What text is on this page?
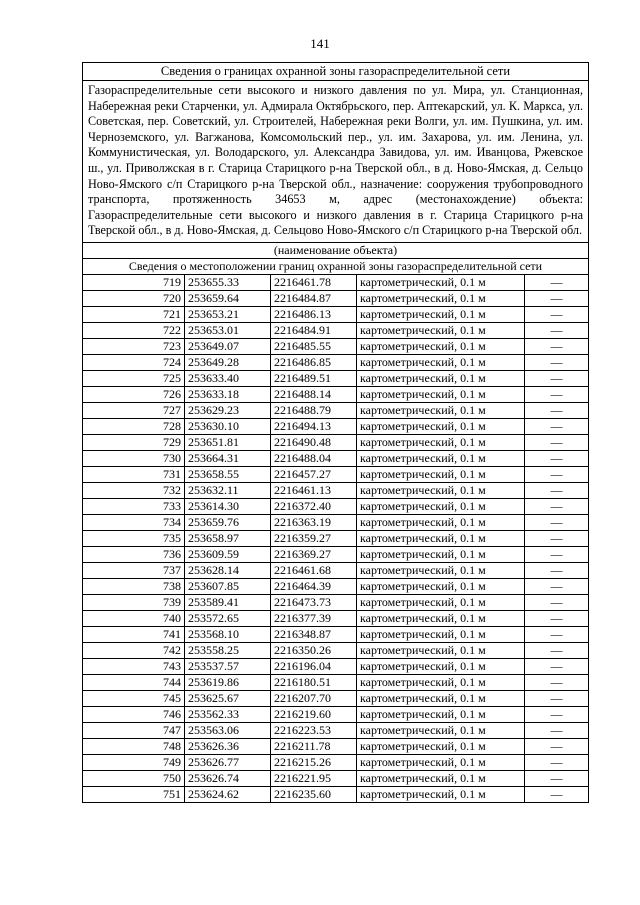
141
Сведения о границах охранной зоны газораспределительной сети				
Газораспределительные сети высокого и низкого давления по ул. Мира, ул. Станционная, Набережная реки Старченки, ул. Адмирала Октябрьского, пер. Аптекарский, ул. К. Маркса, ул. Советская, пер. Советский, ул. Строителей, Набережная реки Волги, ул. им. Пушкина, ул. им. Черноземского, ул. Вагжанова, Комсомольский пер., ул. им. Захарова, ул. им. Ленина, ул. Коммунистическая, ул. Володарского, ул. Александра Завидова, ул. им. Иванцова, Ржевское ш., ул. Приволжская в г. Старица Старицкого р-на Тверской обл., в д. Ново-Ямская, д. Сельцо Ново-Ямского с/п Старицкого р-на Тверской обл., назначение: сооружения трубопроводного транспорта, протяженность 34653 м, адрес (местонахождение) объекта: Газораспределительные сети высокого и низкого давления в г. Старица Старицкого р-на Тверской обл., в д. Ново-Ямская, д. Сельцово Ново-Ямского с/п Старицкого р-на Тверской обл.				
(наименование объекта)				
Сведения о местоположении границ охранной зоны газораспределительной сети				
719	253655.33	2216461.78	картометрический, 0.1 м	—
720	253659.64	2216484.87	картометрический, 0.1 м	—
721	253653.21	2216486.13	картометрический, 0.1 м	—
722	253653.01	2216484.91	картометрический, 0.1 м	—
723	253649.07	2216485.55	картометрический, 0.1 м	—
724	253649.28	2216486.85	картометрический, 0.1 м	—
725	253633.40	2216489.51	картометрический, 0.1 м	—
726	253633.18	2216488.14	картометрический, 0.1 м	—
727	253629.23	2216488.79	картометрический, 0.1 м	—
728	253630.10	2216494.13	картометрический, 0.1 м	—
729	253651.81	2216490.48	картометрический, 0.1 м	—
730	253664.31	2216488.04	картометрический, 0.1 м	—
731	253658.55	2216457.27	картометрический, 0.1 м	—
732	253632.11	2216461.13	картометрический, 0.1 м	—
733	253614.30	2216372.40	картометрический, 0.1 м	—
734	253659.76	2216363.19	картометрический, 0.1 м	—
735	253658.97	2216359.27	картометрический, 0.1 м	—
736	253609.59	2216369.27	картометрический, 0.1 м	—
737	253628.14	2216461.68	картометрический, 0.1 м	—
738	253607.85	2216464.39	картометрический, 0.1 м	—
739	253589.41	2216473.73	картометрический, 0.1 м	—
740	253572.65	2216377.39	картометрический, 0.1 м	—
741	253568.10	2216348.87	картометрический, 0.1 м	—
742	253558.25	2216350.26	картометрический, 0.1 м	—
743	253537.57	2216196.04	картометрический, 0.1 м	—
744	253619.86	2216180.51	картометрический, 0.1 м	—
745	253625.67	2216207.70	картометрический, 0.1 м	—
746	253562.33	2216219.60	картометрический, 0.1 м	—
747	253563.06	2216223.53	картометрический, 0.1 м	—
748	253626.36	2216211.78	картометрический, 0.1 м	—
749	253626.77	2216215.26	картометрический, 0.1 м	—
750	253626.74	2216221.95	картометрический, 0.1 м	—
751	253624.62	2216235.60	картометрический, 0.1 м	—
